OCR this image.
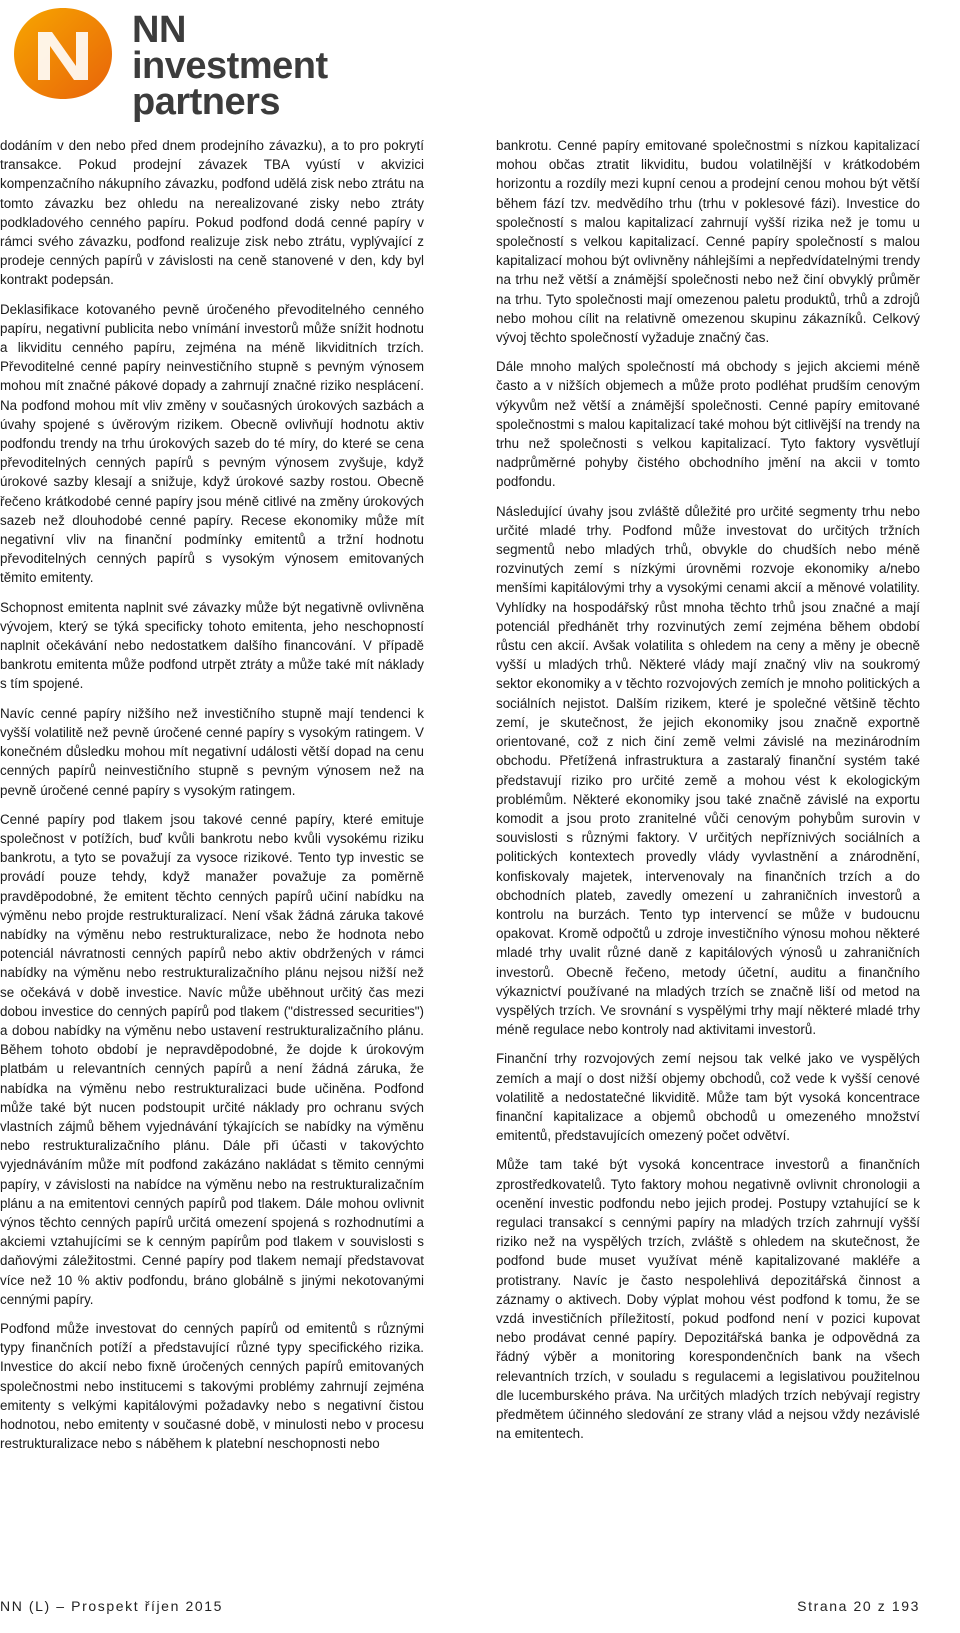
NN investment
partners

dodáním v den nebo před dnem prodejního závazku), a to pro pokrytí transakce. Pokud prodejní závazek TBA vyústí v akvizici kompenzačního nákupního závazku, podfond udělá zisk nebo ztrátu na tomto závazku bez ohledu na nerealizované zisky nebo ztráty podkladového cenného papíru. Pokud podfond dodá cenné papíry v rámci svého závazku, podfond realizuje zisk nebo ztrátu, vyplývající z prodeje cenných papírů v závislosti na ceně stanovené v den, kdy byl kontrakt podepsán.

Deklasifikace kotovaného pevně úročeného převoditelného cenného papíru, negativní publicita nebo vnímání investorů může snížit hodnotu a likviditu cenného papíru, zejména na méně likviditních trzích. Převoditelné cenné papíry neinvestičního stupně s pevným výnosem mohou mít značné pákové dopady a zahrnují značné riziko nesplácení. Na podfond mohou mít vliv změny v současných úrokových sazbách a úvahy spojené s úvěrovým rizikem. Obecně ovlivňují hodnotu aktiv podfondu trendy na trhu úrokových sazeb do té míry, do které se cena převoditelných cenných papírů s pevným výnosem zvyšuje, když úrokové sazby klesají a snižuje, když úrokové sazby rostou. Obecně řečeno krátkodobé cenné papíry jsou méně citlivé na změny úrokových sazeb než dlouhodobé cenné papíry. Recese ekonomiky může mít negativní vliv na finanční podmínky emitentů a tržní hodnotu převoditelných cenných papírů s vysokým výnosem emitovaných těmito emitenty.

Schopnost emitenta naplnit své závazky může být negativně ovlivněna vývojem, který se týká specificky tohoto emitenta, jeho neschopností naplnit očekávání nebo nedostatkem dalšího financování. V případě bankrotu emitenta může podfond utrpět ztráty a může také mít náklady s tím spojené.

Navíc cenné papíry nižšího než investičního stupně mají tendenci k vyšší volatilitě než pevně úročené cenné papíry s vysokým ratingem. V konečném důsledku mohou mít negativní události větší dopad na cenu cenných papírů neinvestičního stupně s pevným výnosem než na pevně úročené cenné papíry s vysokým ratingem.

Cenné papíry pod tlakem jsou takové cenné papíry, které emituje společnost v potížích, buď kvůli bankrotu nebo kvůli vysokému riziku bankrotu, a tyto se považují za vysoce rizikové. Tento typ investic se provádí pouze tehdy, když manažer považuje za poměrně pravděpodobné, že emitent těchto cenných papírů učiní nabídku na výměnu nebo projde restrukturalizací. Není však žádná záruka takové nabídky na výměnu nebo restrukturalizace, nebo že hodnota nebo potenciál návratnosti cenných papírů nebo aktiv obdržených v rámci nabídky na výměnu nebo restrukturalizačního plánu nejsou nižší než se očekává v době investice. Navíc může uběhnout určitý čas mezi dobou investice do cenných papírů pod tlakem ("distressed securities") a dobou nabídky na výměnu nebo ustavení restrukturalizačního plánu. Během tohoto období je nepravděpodobné, že dojde k úrokovým platbám u relevantních cenných papírů a není žádná záruka, že nabídka na výměnu nebo restrukturalizaci bude učiněna. Podfond může také být nucen podstoupit určité náklady pro ochranu svých vlastních zájmů během vyjednávání týkajících se nabídky na výměnu nebo restrukturalizačního plánu. Dále při účasti v takovýchto vyjednáváním může mít podfond zakázáno nakládat s těmito cennými papíry, v závislosti na nabídce na výměnu nebo na restrukturalizačním plánu a na emitentovi cenných papírů pod tlakem. Dále mohou ovlivnit výnos těchto cenných papírů určitá omezení spojená s rozhodnutími a akciemi vztahujícími se k cenným papírům pod tlakem v souvislosti s daňovými záležitostmi. Cenné papíry pod tlakem nemají představovat více než 10 % aktiv podfondu, bráno globálně s jinými nekotovanými cennými papíry.

Podfond může investovat do cenných papírů od emitentů s různými typy finančních potíží a představující různé typy specifického rizika. Investice do akcií nebo fixně úročených cenných papírů emitovaných společnostmi nebo institucemi s takovými problémy zahrnují zejména emitenty s velkými kapitálovými požadavky nebo s negativní čistou hodnotou, nebo emitenty v současné době, v minulosti nebo v procesu restrukturalizace nebo s náběhem k platební neschopnosti nebo

bankrotu. Cenné papíry emitované společnostmi s nízkou kapitalizací mohou občas ztratit likviditu, budou volatilnější v krátkodobém horizontu a rozdíly mezi kupní cenou a prodejní cenou mohou být větší během fází tzv. medvědího trhu (trhu v poklesové fázi). Investice do společností s malou kapitalizací zahrnují vyšší rizika než je tomu u společností s velkou kapitalizací. Cenné papíry společností s malou kapitalizací mohou být ovlivněny náhlejšími a nepředvídatelnými trendy na trhu než větší a známější společnosti nebo než činí obvyklý průměr na trhu. Tyto společnosti mají omezenou paletu produktů, trhů a zdrojů nebo mohou cílit na relativně omezenou skupinu zákazníků. Celkový vývoj těchto společností vyžaduje značný čas.

Dále mnoho malých společností má obchody s jejich akciemi méně často a v nižších objemech a může proto podléhat prudším cenovým výkyvům než větší a známější společnosti. Cenné papíry emitované společnostmi s malou kapitalizací také mohou být citlivější na trendy na trhu než společnosti s velkou kapitalizací. Tyto faktory vysvětlují nadprůměrné pohyby čistého obchodního jmění na akcii v tomto podfondu.

Následující úvahy jsou zvláště důležité pro určité segmenty trhu nebo určité mladé trhy. Podfond může investovat do určitých tržních segmentů nebo mladých trhů, obvykle do chudších nebo méně rozvinutých zemí s nízkými úrovněmi rozvoje ekonomiky a/nebo menšími kapitálovými trhy a vysokými cenami akcií a měnové volatility. Vyhlídky na hospodářský růst mnoha těchto trhů jsou značné a mají potenciál předhánět trhy rozvinutých zemí zejména během období růstu cen akcií. Avšak volatilita s ohledem na ceny a měny je obecně vyšší u mladých trhů. Některé vlády mají značný vliv na soukromý sektor ekonomiky a v těchto rozvojových zemích je mnoho politických a sociálních nejistot. Dalším rizikem, které je společné většině těchto zemí, je skutečnost, že jejich ekonomiky jsou značně exportně orientované, což z nich činí země velmi závislé na mezinárodním obchodu. Přetížená infrastruktura a zastaralý finanční systém také představují riziko pro určité země a mohou vést k ekologickým problémům. Některé ekonomiky jsou také značně závislé na exportu komodit a jsou proto zranitelné vůči cenovým pohybům surovin v souvislosti s různými faktory. V určitých nepříznivých sociálních a politických kontextech provedly vlády vyvlastnění a znárodnění, konfiskovaly majetek, intervenovaly na finančních trzích a do obchodních plateb, zavedly omezení u zahraničních investorů a kontrolu na burzách. Tento typ intervencí se může v budoucnu opakovat. Kromě odpočtů u zdroje investičního výnosu mohou některé mladé trhy uvalit různé daně z kapitálových výnosů u zahraničních investorů. Obecně řečeno, metody účetní, auditu a finančního výkaznictví používané na mladých trzích se značně liší od metod na vyspělých trzích. Ve srovnání s vyspělými trhy mají některé mladé trhy méně regulace nebo kontroly nad aktivitami investorů.

Finanční trhy rozvojových zemí nejsou tak velké jako ve vyspělých zemích a mají o dost nižší objemy obchodů, což vede k vyšší cenové volatilitě a nedostatečné likviditě. Může tam být vysoká koncentrace finanční kapitalizace a objemů obchodů u omezeného množství emitentů, představujících omezený počet odvětví.

Může tam také být vysoká koncentrace investorů a finančních zprostředkovatelů. Tyto faktory mohou negativně ovlivnit chronologii a ocenění investic podfondu nebo jejich prodej. Postupy vztahující se k regulaci transakcí s cennými papíry na mladých trzích zahrnují vyšší riziko než na vyspělých trzích, zvláště s ohledem na skutečnost, že podfond bude muset využívat méně kapitalizované makléře a protistrany. Navíc je často nespolehlivá depozitářská činnost a záznamy o aktivech. Doby výplat mohou vést podfond k tomu, že se vzdá investičních příležitostí, pokud podfond není v pozici kupovat nebo prodávat cenné papíry. Depozitářská banka je odpovědná za řádný výběr a monitoring korespondenčních bank na všech relevantních trzích, v souladu s regulacemi a legislativou použitelnou dle lucemburského práva. Na určitých mladých trzích nebývají registry předmětem účinného sledování ze strany vlád a nejsou vždy nezávislé na emitentech.

NN (L) – Prospekt říjen 2015	Strana 20 z 193
